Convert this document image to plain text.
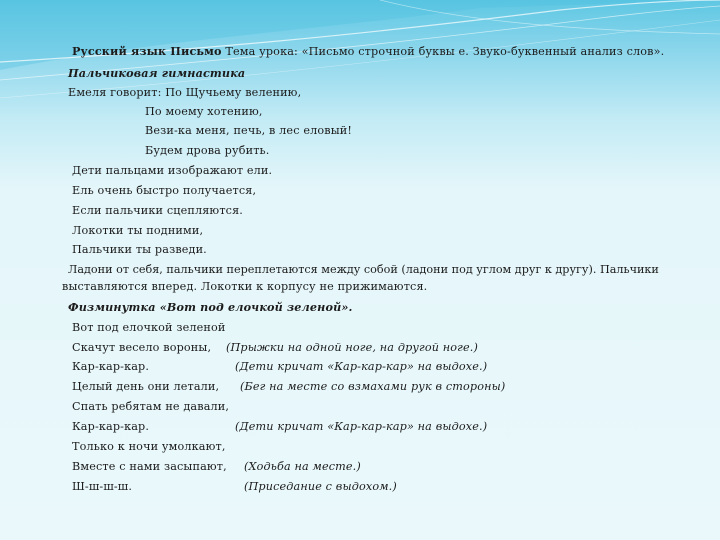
Русский язык Письмо Тема урока: «Письмо строчной буквы е. Звуко-буквенный анализ слов».
Пальчиковая гимнастика
Емеля говорит: По Щучьему велению,
По моему хотению,
Вези-ка меня, печь, в лес еловый!
Будем дрова рубить.
Дети пальцами изображают ели.
Ель очень быстро получается,
Если пальчики сцепляются.
Локотки ты подними,
Пальчики ты разведи.
Ладони от себя, пальчики переплетаются между собой (ладони под углом друг к другу). Пальчики
выставляются вперед. Локотки к корпусу не прижимаются.
Физминутка «Вот под елочкой зеленой».
Вот под елочкой зеленой
Скачут весело вороны, (Прыжки на одной ноге, на другой ноге.)
Кар-кар-кар.	(Дети кричат «Кар-кар-кар» на выдохе.)
Целый день они летали, (Бег на месте со взмахами рук в стороны)
Спать ребятам не давали,
Кар-кар-кар.	(Дети кричат «Кар-кар-кар» на выдохе.)
Только к ночи умолкают,
Вместе с нами засыпают, (Ходьба на месте.)
Ш-ш-ш-ш.	(Приседание с выдохом.)
